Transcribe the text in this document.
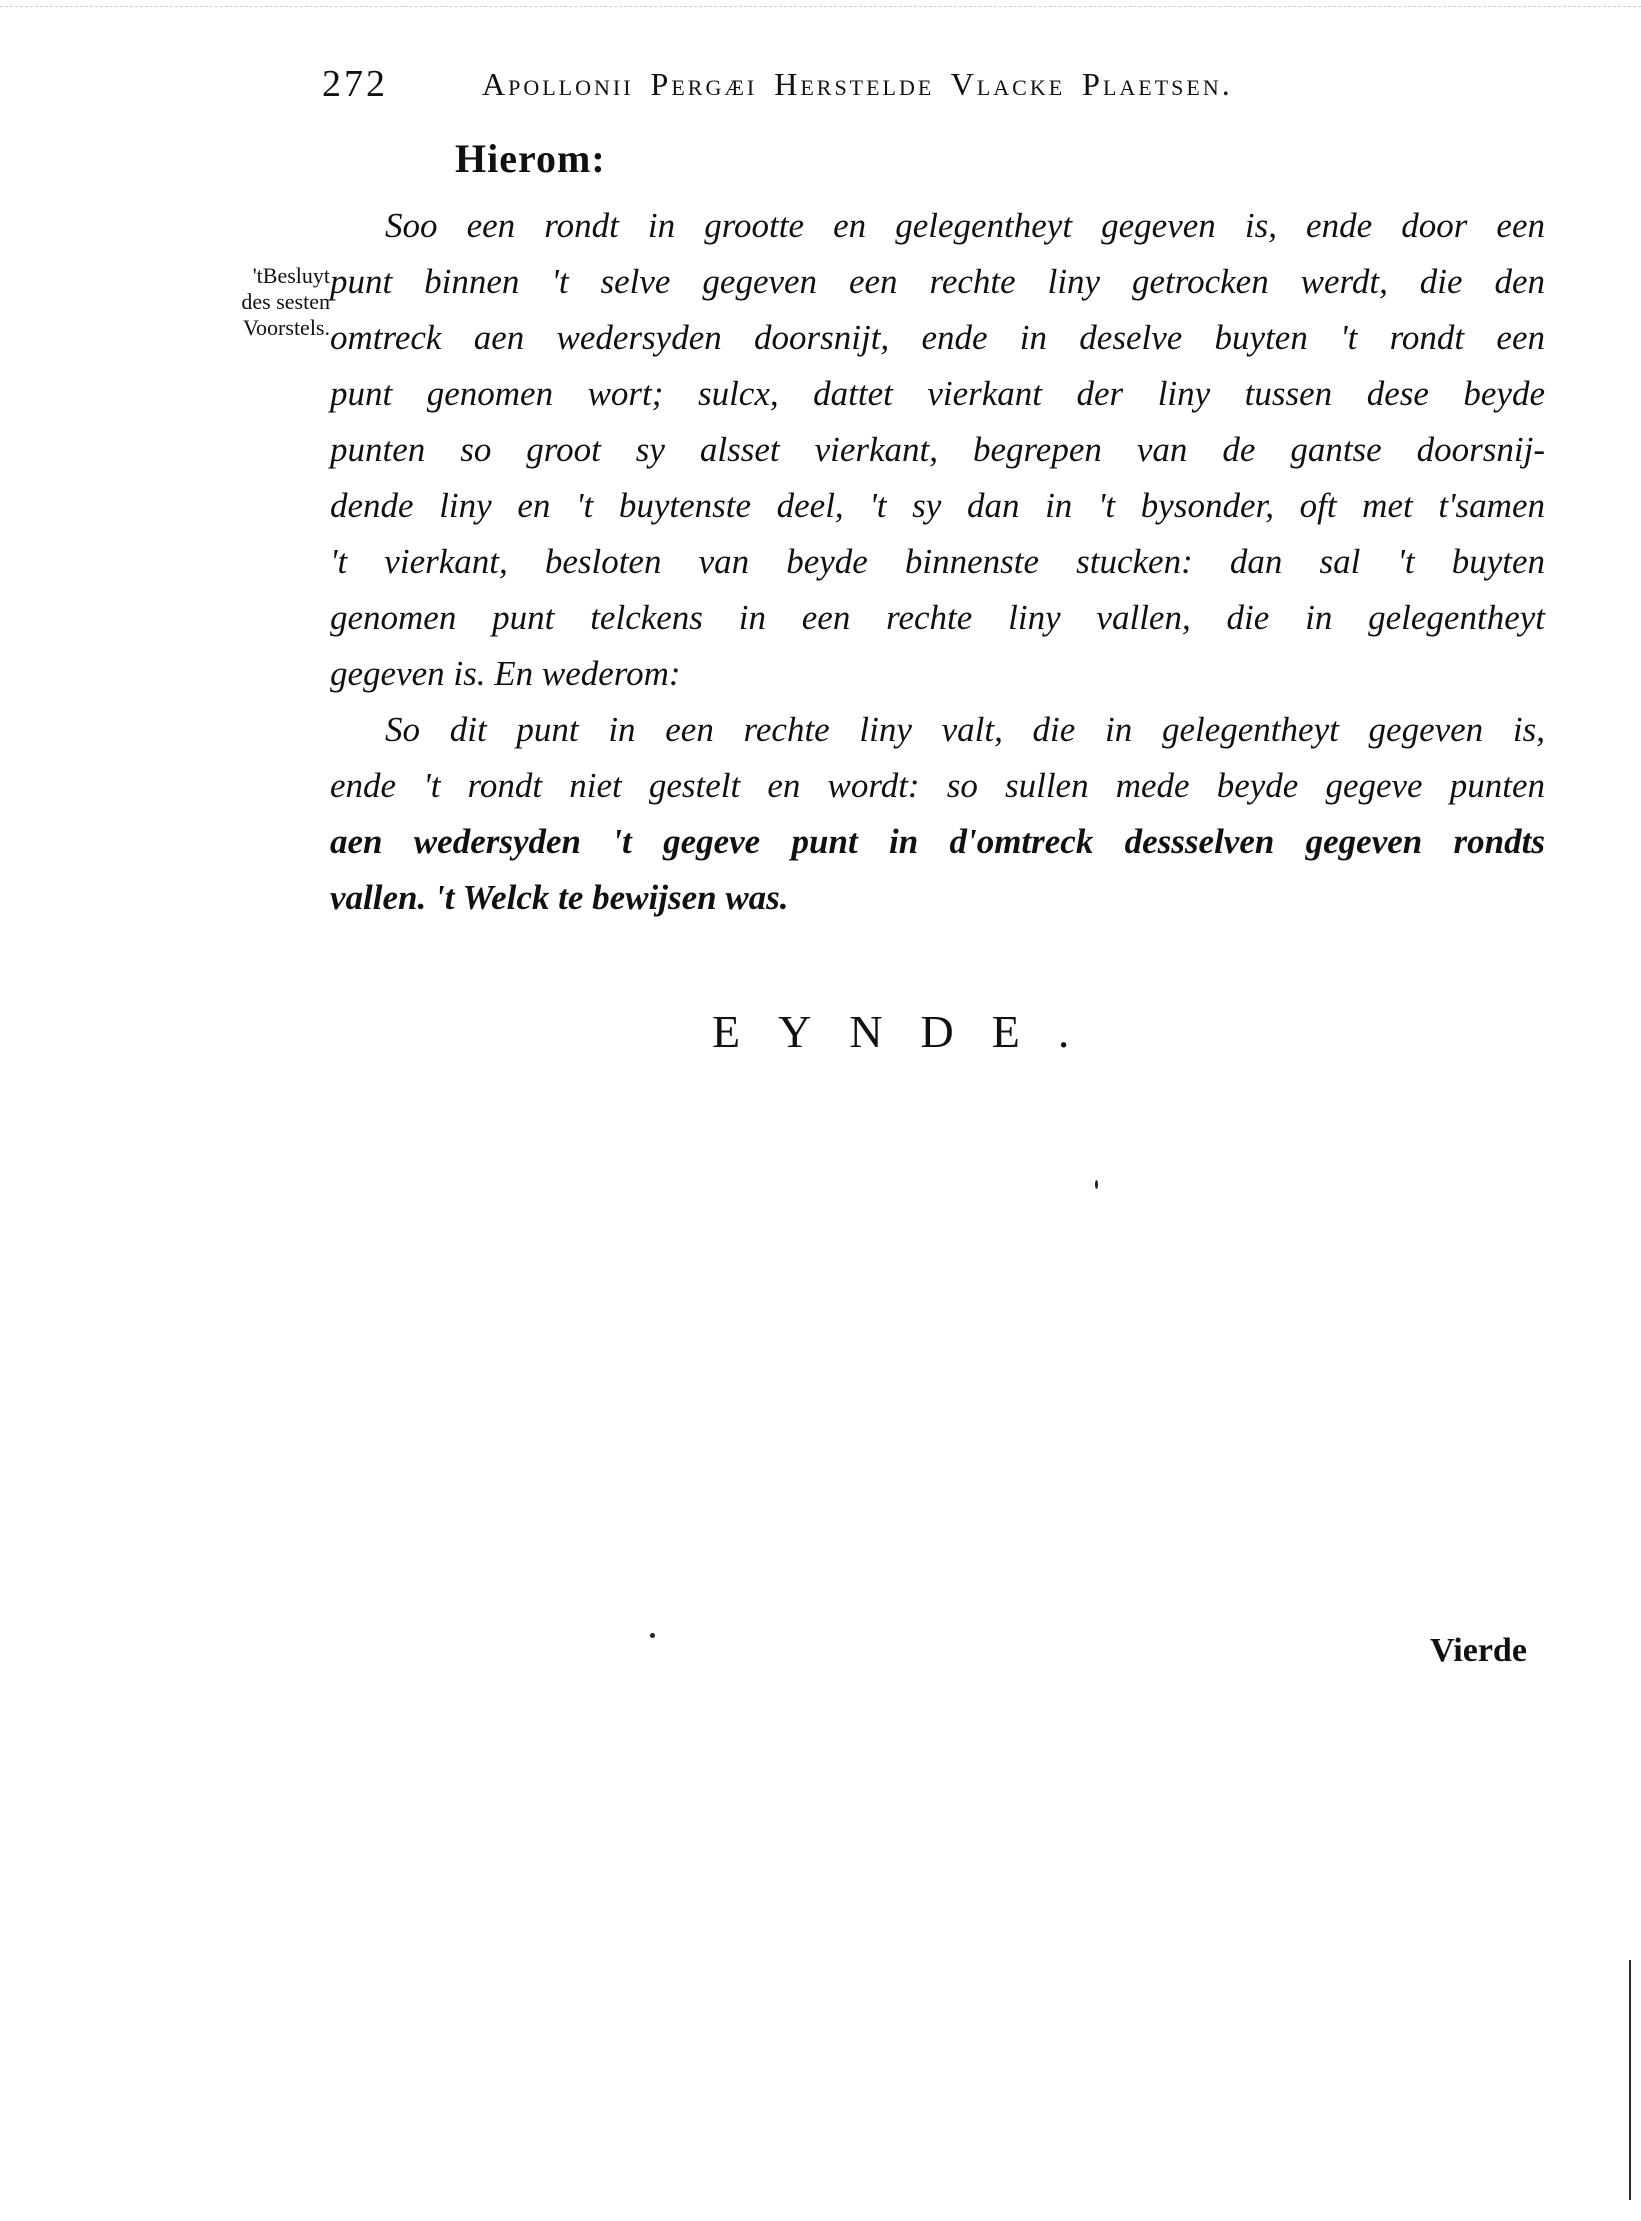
272	Apollonii Pergæi Herstelde Vlacke Plaetsen.
Hierom:
'tBesluyt
des sesten
Voorstels.
Soo een rondt in grootte en gelegentheyt gegeven is, ende door een
punt binnen 't selve gegeven een rechte liny getrocken werdt, die den
omtreck aen wedersyden doorsnijt, ende in deselve buyten 't rondt een
punt genomen wort; sulcx, dattet vierkant der liny tussen dese beyde
punten so groot sy alsset vierkant, begrepen van de gantse doorsnij-
dende liny en 't buytenste deel, 't sy dan in 't bysonder, oft met t'samen
't vierkant, besloten van beyde binnenste stucken: dan sal 't buyten
genomen punt telckens in een rechte liny vallen, die in gelegentheyt
gegeven is. En wederom:
So dit punt in een rechte liny valt, die in gelegentheyt gegeven is,
ende 't rondt niet gestelt en wordt: so sullen mede beyde gegeve punten
aen wedersyden 't gegeve punt in d'omtreck dessselven gegeven rondts
vallen. 't Welck te bewijsen was.
EYNDE.
Vierde
